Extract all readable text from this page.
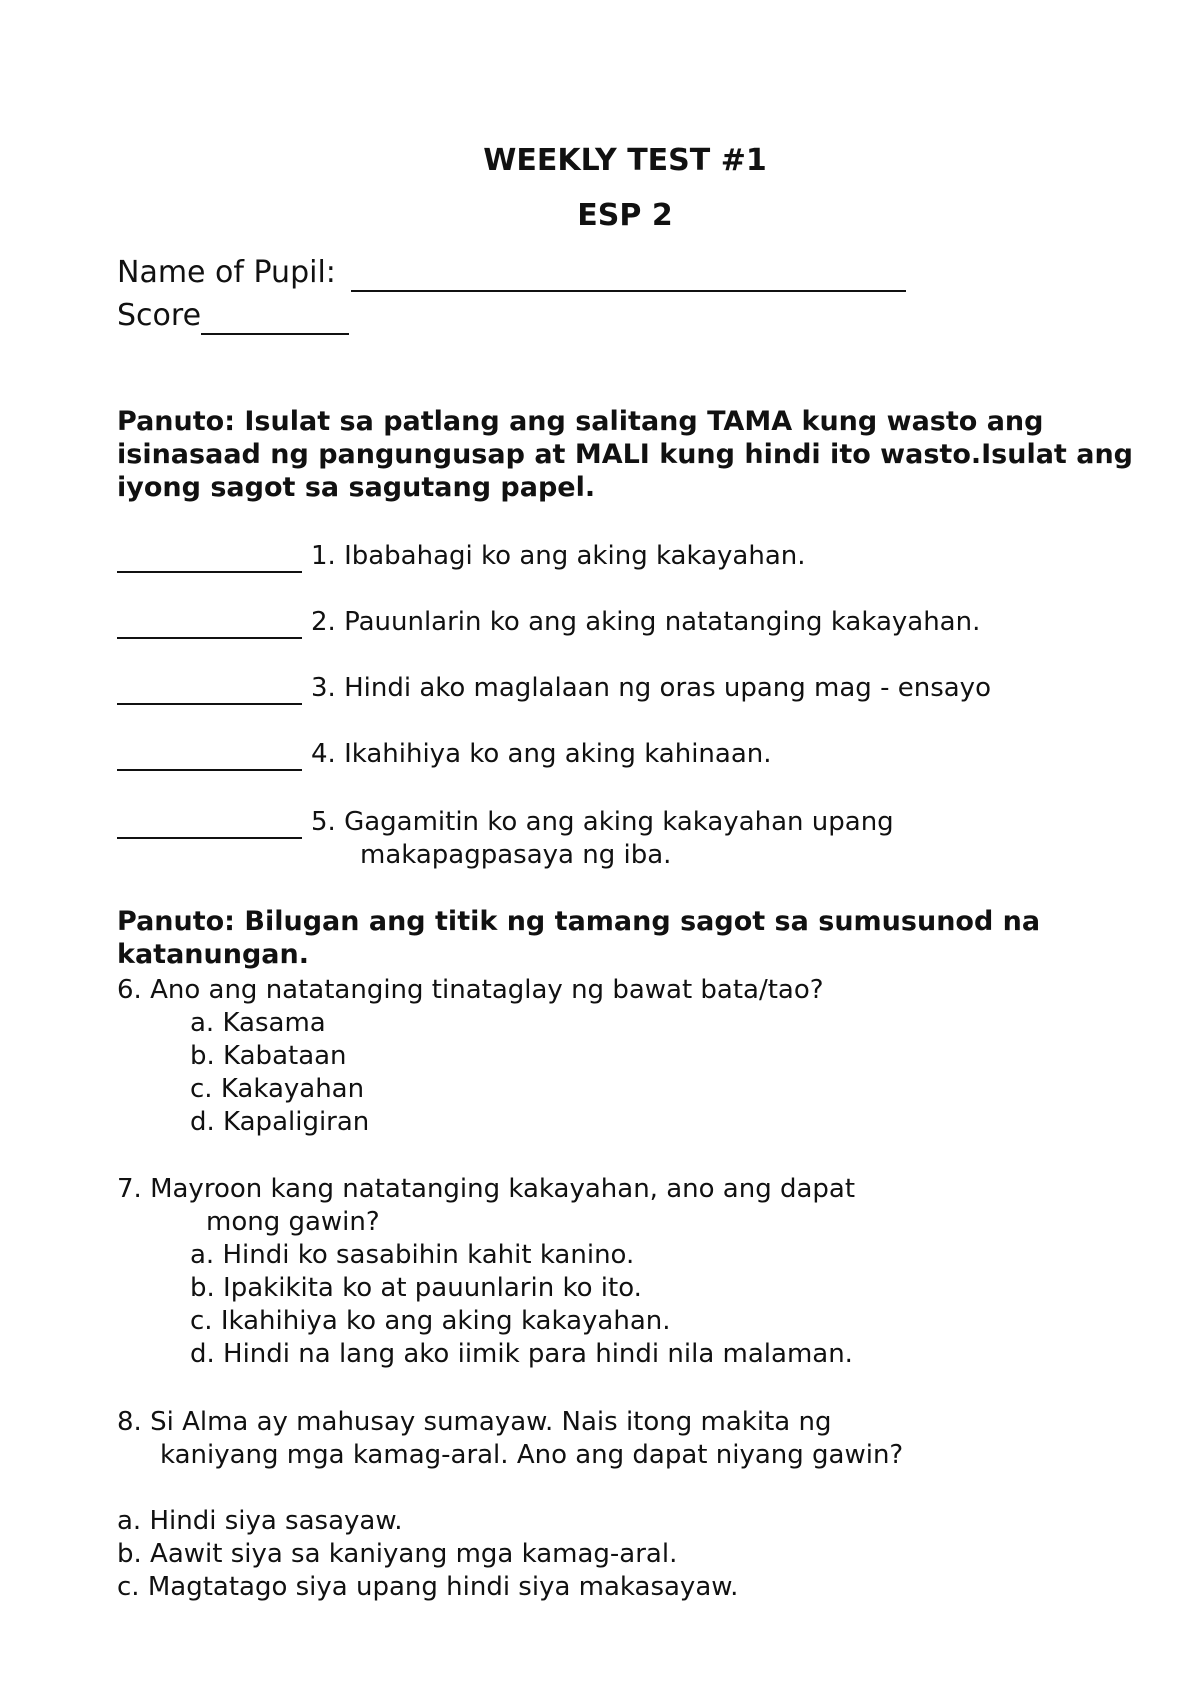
WEEKLY TEST #1
ESP 2
Name of Pupil:
Score
Panuto: Isulat sa patlang ang salitang TAMA kung wasto ang isinasaad ng pangungusap at MALI kung hindi ito wasto.Isulat ang iyong sagot sa sagutang papel.
1. Ibabahagi ko ang aking kakayahan.
2. Pauunlarin ko ang aking natatanging kakayahan.
3. Hindi ako maglalaan ng oras upang mag - ensayo
4. Ikahihiya ko ang aking kahinaan.
5. Gagamitin ko ang aking kakayahan upang
makapagpasaya ng iba.
Panuto: Bilugan ang titik ng tamang sagot sa sumusunod na katanungan.
6. Ano ang natatanging tinataglay ng bawat bata/tao?
a. Kasama
b. Kabataan
c. Kakayahan
d. Kapaligiran
7. Mayroon kang natatanging kakayahan, ano ang dapat
mong gawin?
a. Hindi ko sasabihin kahit kanino.
b. Ipakikita ko at pauunlarin ko ito.
c. Ikahihiya ko ang aking kakayahan.
d. Hindi na lang ako iimik para hindi nila malaman.
8. Si Alma ay mahusay sumayaw. Nais itong makita ng
kaniyang mga kamag-aral. Ano ang dapat niyang gawin?
a. Hindi siya sasayaw.
b. Aawit siya sa kaniyang mga kamag-aral.
c. Magtatago siya upang hindi siya makasayaw.
